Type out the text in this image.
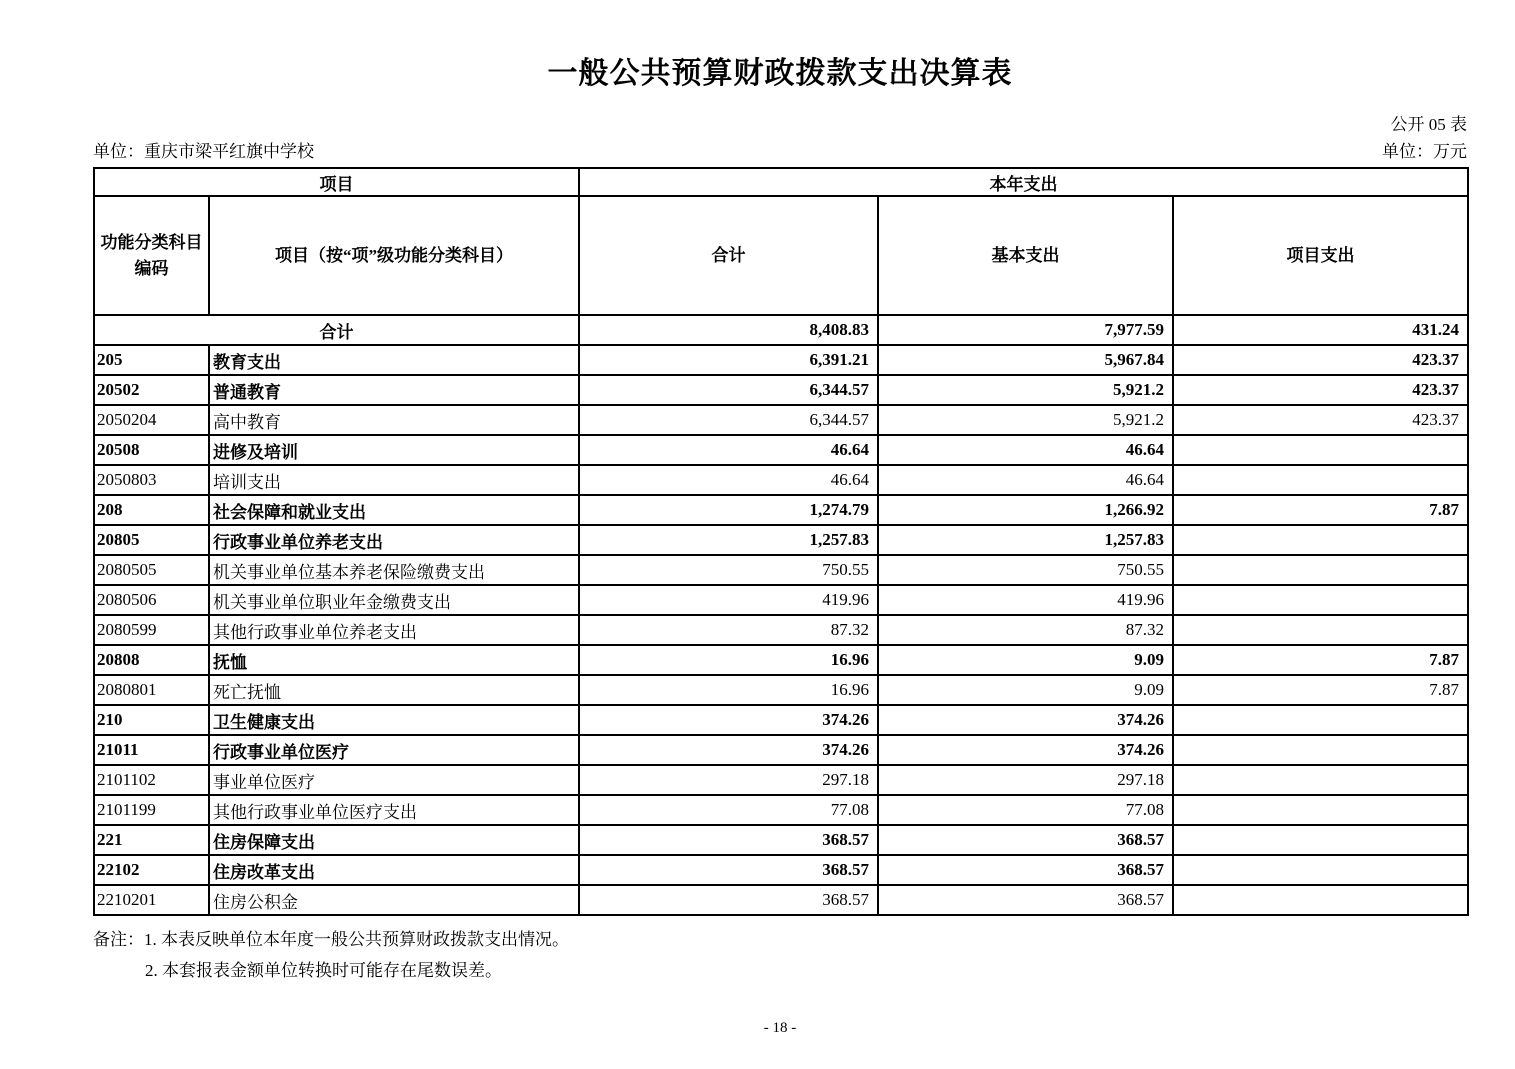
一般公共预算财政拨款支出决算表
公开 05 表
单位：重庆市梁平红旗中学校	单位：万元
项目		本年支出		
功能分类科目
编码	项目（按“项”级功能分类科目）	合计	基本支出	项目支出
合计		8,408.83	7,977.59	431.24
205	教育支出	6,391.21	5,967.84	423.37
20502	普通教育	6,344.57	5,921.2	423.37
2050204	高中教育	6,344.57	5,921.2	423.37
20508	进修及培训	46.64	46.64	
2050803	培训支出	46.64	46.64	
208	社会保障和就业支出	1,274.79	1,266.92	7.87
20805	行政事业单位养老支出	1,257.83	1,257.83	
2080505	机关事业单位基本养老保险缴费支出	750.55	750.55	
2080506	机关事业单位职业年金缴费支出	419.96	419.96	
2080599	其他行政事业单位养老支出	87.32	87.32	
20808	抚恤	16.96	9.09	7.87
2080801	死亡抚恤	16.96	9.09	7.87
210	卫生健康支出	374.26	374.26	
21011	行政事业单位医疗	374.26	374.26	
2101102	事业单位医疗	297.18	297.18	
2101199	其他行政事业单位医疗支出	77.08	77.08	
221	住房保障支出	368.57	368.57	
22102	住房改革支出	368.57	368.57	
2210201	住房公积金	368.57	368.57	
备注：1. 本表反映单位本年度一般公共预算财政拨款支出情况。
2. 本套报表金额单位转换时可能存在尾数误差。
- 18 -
